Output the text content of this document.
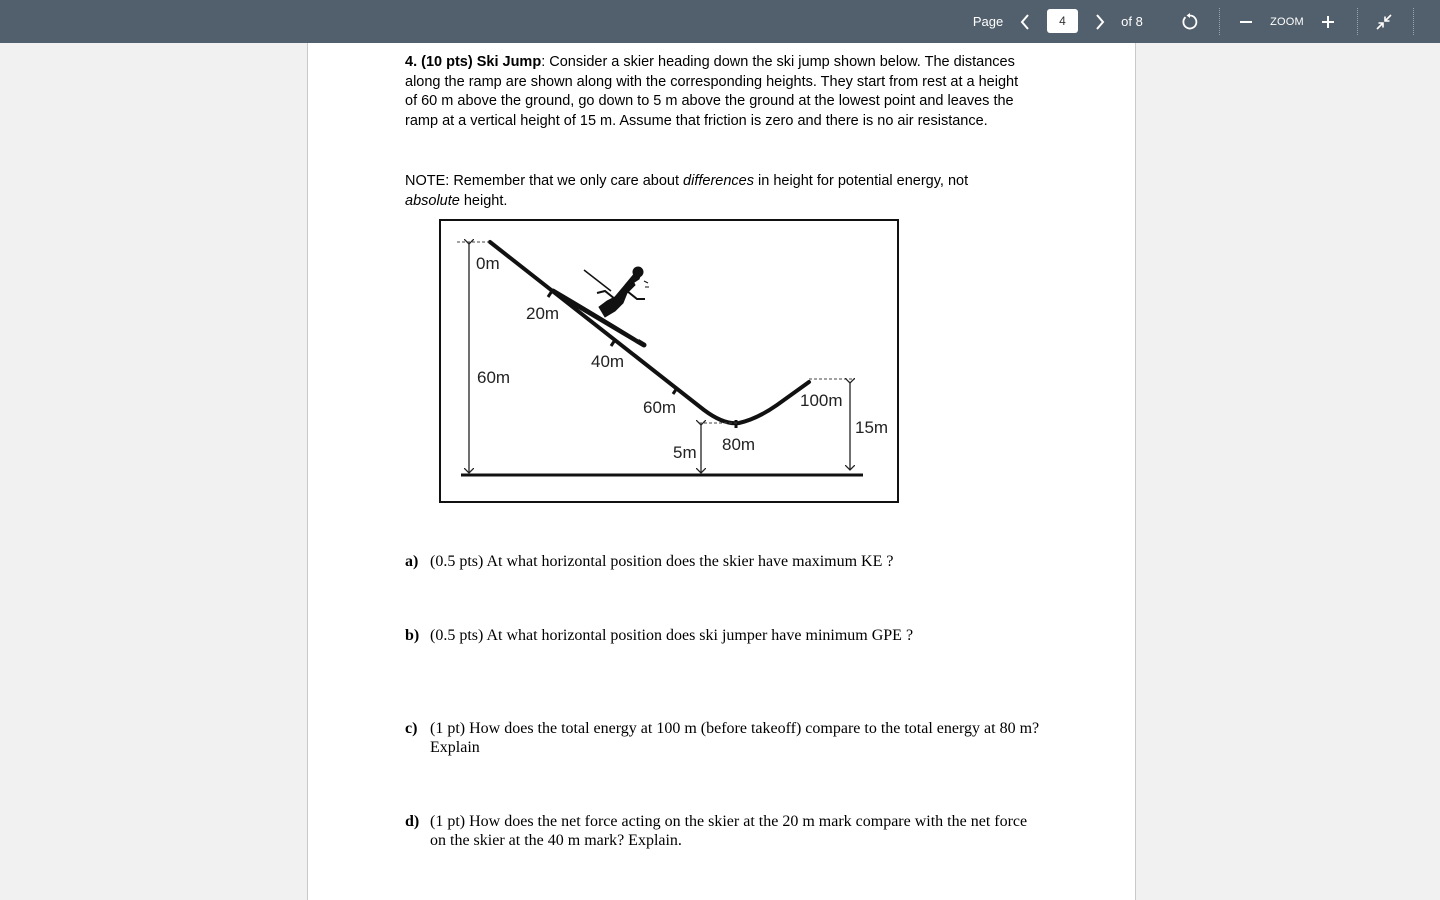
Page
4	of 8	ZOOM
4. (10 pts) Ski Jump: Consider a skier heading down the ski jump shown below. The distances along the ramp are shown along with the corresponding heights. They start from rest at a height of 60 m above the ground, go down to 5 m above the ground at the lowest point and leaves the ramp at a vertical height of 15 m. Assume that friction is zero and there is no air resistance.
NOTE: Remember that we only care about differences in height for potential energy, not absolute height.
0m
20m
40m
60m
80m
100m
60m
5m
15m
a) (0.5 pts) At what horizontal position does the skier have maximum KE ?
b) (0.5 pts) At what horizontal position does ski jumper have minimum GPE ?
c) (1 pt) How does the total energy at 100 m (before takeoff) compare to the total energy at 80 m? Explain
d) (1 pt) How does the net force acting on the skier at the 20 m mark compare with the net force on the skier at the 40 m mark? Explain.
